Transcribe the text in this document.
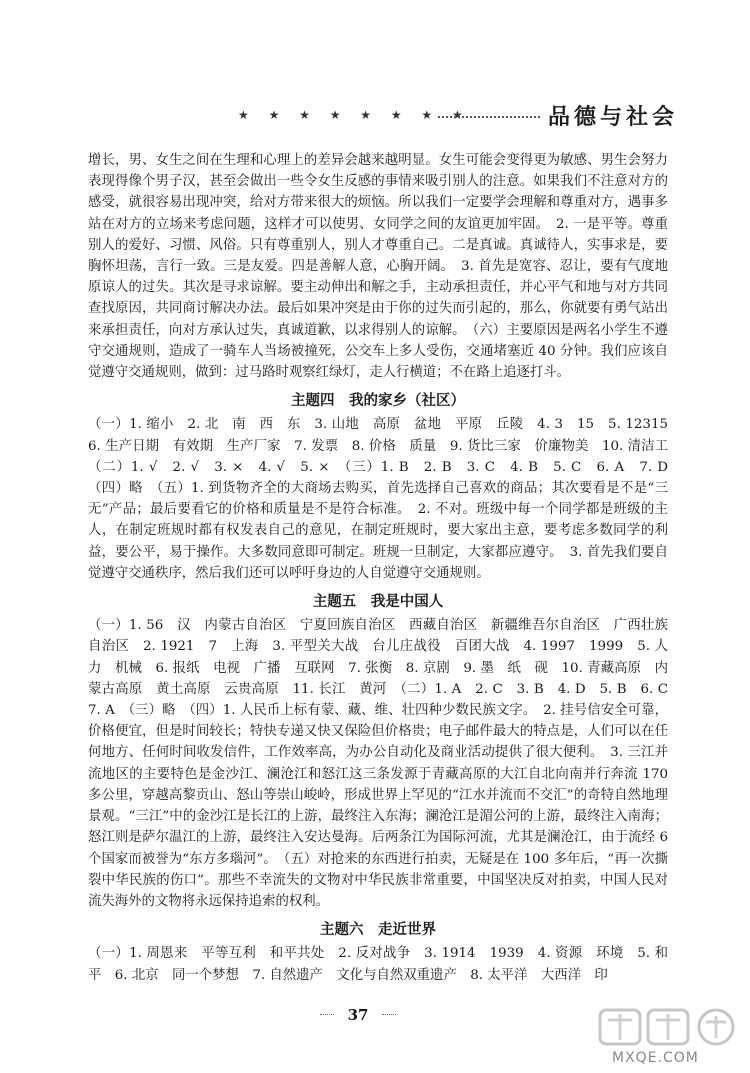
★ ★ ★ ★ ★ ★ ★ ★	品德与社会

增长，男、女生之间在生理和心理上的差异会越来越明显。女生可能会变得更为敏感、男生会努力表现得像个男子汉，甚至会做出一些令女生反感的事情来吸引别人的注意。如果我们不注意对方的感受，就很容易出现冲突，给对方带来很大的烦恼。所以我们一定要学会理解和尊重对方，遇事多站在对方的立场来考虑问题，这样才可以使男、女同学之间的友谊更加牢固。　2. 一是平等。尊重别人的爱好、习惯、风俗。只有尊重别人，别人才尊重自己。二是真诚。真诚待人，实事求是，要胸怀坦荡，言行一致。三是友爱。四是善解人意，心胸开阔。　3. 首先是宽容、忍让，要有气度地原谅人的过失。其次是寻求谅解。要主动伸出和解之手，主动承担责任，并心平气和地与对方共同查找原因，共同商讨解决办法。最后如果冲突是由于你的过失而引起的，那么，你就要有勇气站出来承担责任，向对方承认过失，真诚道歉，以求得别人的谅解。　（六）主要原因是两名小学生不遵守交通规则，造成了一骑车人当场被撞死，公交车上多人受伤，交通堵塞近 40 分钟。我们应该自觉遵守交通规则，做到：过马路时观察红绿灯，走人行横道；不在路上追逐打斗。

主题四　我的家乡（社区）

（一）1. 缩小　2. 北　南　西　东　3. 山地　高原　盆地　平原　丘陵　4. 3　15　5. 12315　6. 生产日期　有效期　生产厂家　7. 发票　8. 价格　质量　9. 货比三家　价廉物美　10. 清洁工　（二）1. √　2. √　3. ×　4. √　5. ×　（三）1. B　2. B　3. C　4. B　5. C　6. A　7. D　（四）略　（五）1. 到货物齐全的大商场去购买，首先选择自己喜欢的商品；其次要看是不是“三无”产品；最后要看它的价格和质量是不是符合标准。　2. 不对。班级中每一个同学都是班级的主人，在制定班规时都有权发表自己的意见，在制定班规时，要大家出主意，要考虑多数同学的利益，要公平，易于操作。大多数同意即可制定。班规一旦制定，大家都应遵守。　3. 首先我们要自觉遵守交通秩序，然后我们还可以呼吁身边的人自觉遵守交通规则。

主题五　我是中国人

（一）1. 56　汉　内蒙古自治区　宁夏回族自治区　西藏自治区　新疆维吾尔自治区　广西壮族自治区　2. 1921　7　上海　3. 平型关大战　台儿庄战役　百团大战　4. 1997　1999　5. 人力　机械　6. 报纸　电视　广播　互联网　7. 张衡　8. 京剧　9. 墨　纸　砚　10. 青藏高原　内蒙古高原　黄土高原　云贵高原　11. 长江　黄河　（二）1. A　2. C　3. B　4. D　5. B　6. C　7. A　（三）略　（四）1. 人民币上标有蒙、藏、维、壮四种少数民族文字。　2. 挂号信安全可靠，价格便宜，但是时间较长；特快专递又快又保险但价格贵；电子邮件最大的特点是，人们可以在任何地方、任何时间收发信件，工作效率高，为办公自动化及商业活动提供了很大便利。　3. 三江并流地区的主要特色是金沙江、澜沧江和怒江这三条发源于青藏高原的大江自北向南并行奔流 170 多公里，穿越高黎贡山、怒山等崇山峻岭，形成世界上罕见的“江水并流而不交汇”的奇特自然地理景观。“三江”中的金沙江是长江的上游，最终注入东海；澜沧江是湄公河的上游，最终注入南海；怒江则是萨尔温江的上游，最终注入安达曼海。后两条江为国际河流，尤其是澜沧江，由于流经 6 个国家而被誉为“东方多瑙河”。　（五）对抢来的东西进行拍卖，无疑是在 100 多年后，“再一次撕裂中华民族的伤口”。那些不幸流失的文物对中华民族非常重要，中国坚决反对拍卖，中国人民对流失海外的文物将永远保持追索的权利。

主题六　走近世界

（一）1. 周恩来　平等互利　和平共处　2. 反对战争　3. 1914　1939　4. 资源　环境　5. 和平　6. 北京　同一个梦想　7. 自然遗产　文化与自然双重遗产　8. 太平洋　大西洋　印

37
MXQE.COM
